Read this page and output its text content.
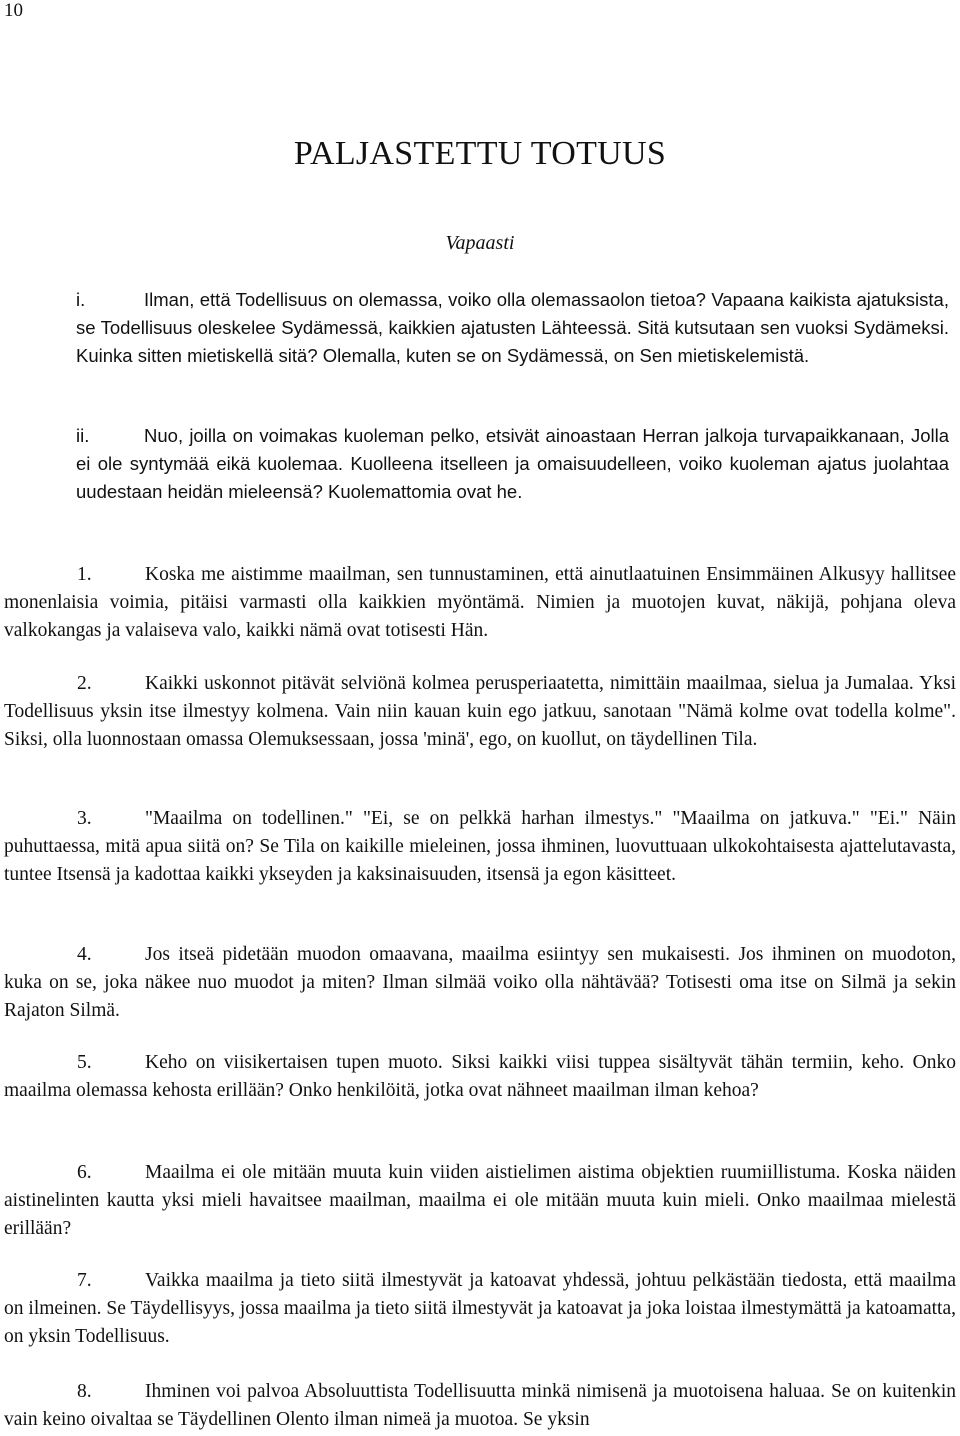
10
PALJASTETTU TOTUUS
Vapaasti
i.	Ilman, että Todellisuus on olemassa, voiko olla olemassaolon tietoa? Vapaana kaikista ajatuksista, se Todellisuus oleskelee Sydämessä, kaikkien ajatusten Lähteessä. Sitä kutsutaan sen vuoksi Sydämeksi. Kuinka sitten mietiskellä sitä? Olemalla, kuten se on Sydämessä, on Sen mietiskelemistä.
ii.	Nuo, joilla on voimakas kuoleman pelko, etsivät ainoastaan Herran jalkoja turvapaikkanaan, Jolla ei ole syntymää eikä kuolemaa. Kuolleena itselleen ja omaisuudelleen, voiko kuoleman ajatus juolahtaa uudestaan heidän mieleensä? Kuolemattomia ovat he.
1.	Koska me aistimme maailman, sen tunnustaminen, että ainutlaatuinen Ensimmäinen Alkusyy hallitsee monenlaisia voimia, pitäisi varmasti olla kaikkien myöntämä. Nimien ja muotojen kuvat, näkijä, pohjana oleva valkokangas ja valaiseva valo, kaikki nämä ovat totisesti Hän.
2.	Kaikki uskonnot pitävät selviönä kolmea perusperiaatetta, nimittäin maailmaa, sielua ja Jumalaa. Yksi Todellisuus yksin itse ilmestyy kolmena. Vain niin kauan kuin ego jatkuu, sanotaan "Nämä kolme ovat todella kolme". Siksi, olla luonnostaan omassa Olemuksessaan, jossa 'minä', ego, on kuollut, on täydellinen Tila.
3.	"Maailma on todellinen." "Ei, se on pelkkä harhan ilmestys." "Maailma on jatkuva." "Ei." Näin puhuttaessa, mitä apua siitä on? Se Tila on kaikille mieleinen, jossa ihminen, luovuttuaan ulkokohtaisesta ajattelutavasta, tuntee Itsensä ja kadottaa kaikki ykseyden ja kaksinaisuuden, itsensä ja egon käsitteet.
4.	Jos itseä pidetään muodon omaavana, maailma esiintyy sen mukaisesti. Jos ihminen on muodoton, kuka on se, joka näkee nuo muodot ja miten? Ilman silmää voiko olla nähtävää? Totisesti oma itse on Silmä ja sekin Rajaton Silmä.
5.	Keho on viisikertaisen tupen muoto. Siksi kaikki viisi tuppea sisältyvät tähän termiin, keho. Onko maailma olemassa kehosta erillään? Onko henkilöitä, jotka ovat nähneet maailman ilman kehoa?
6.	Maailma ei ole mitään muuta kuin viiden aistielimen aistima objektien ruumiillistuma. Koska näiden aistinelinten kautta yksi mieli havaitsee maailman, maailma ei ole mitään muuta kuin mieli. Onko maailmaa mielestä erillään?
7.	Vaikka maailma ja tieto siitä ilmestyvät ja katoavat yhdessä, johtuu pelkästään tiedosta, että maailma on ilmeinen. Se Täydellisyys, jossa maailma ja tieto siitä ilmestyvät ja katoavat ja joka loistaa ilmestymättä ja katoamatta, on yksin Todellisuus.
8.	Ihminen voi palvoa Absoluuttista Todellisuutta minkä nimisenä ja muotoisena haluaa. Se on kuitenkin vain keino oivaltaa se Täydellinen Olento ilman nimeä ja muotoa. Se yksin
